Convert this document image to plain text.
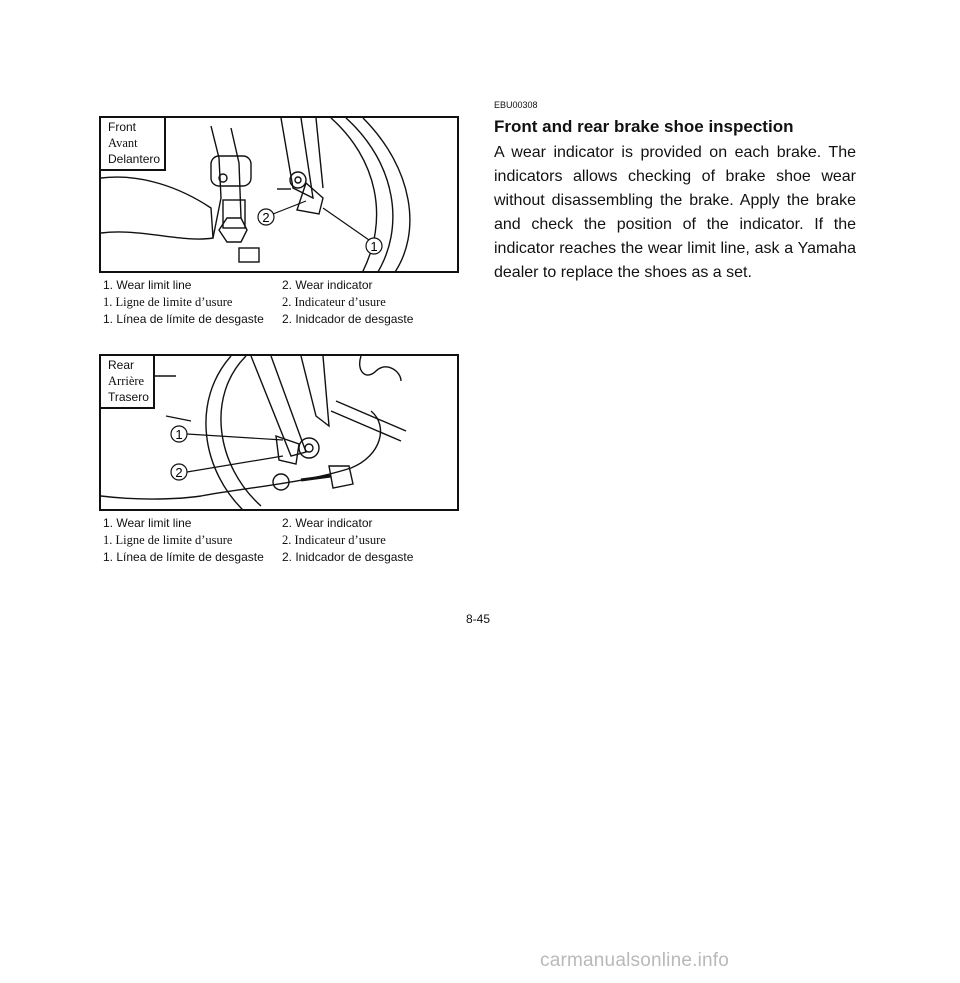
2
1
Front
Avant
Delantero
1. Wear limit line	2. Wear indicator
1. Ligne de limite d’usure	2. Indicateur d’usure
1. Línea de límite de desgaste	2. Inidcador de desgaste
1
2
Rear
Arrière
Trasero
1. Wear limit line	2. Wear indicator
1. Ligne de limite d’usure	2. Indicateur d’usure
1. Línea de límite de desgaste	2. Inidcador de desgaste
EBU00308
Front and rear brake shoe inspection
A wear indicator is provided on each brake. The indicators allows checking of brake shoe wear without disassembling the brake. Apply the brake and check the position of the indicator. If the indicator reaches the wear limit line, ask a Yamaha dealer to replace the shoes as a set.
8-45
carmanualsonline.info
